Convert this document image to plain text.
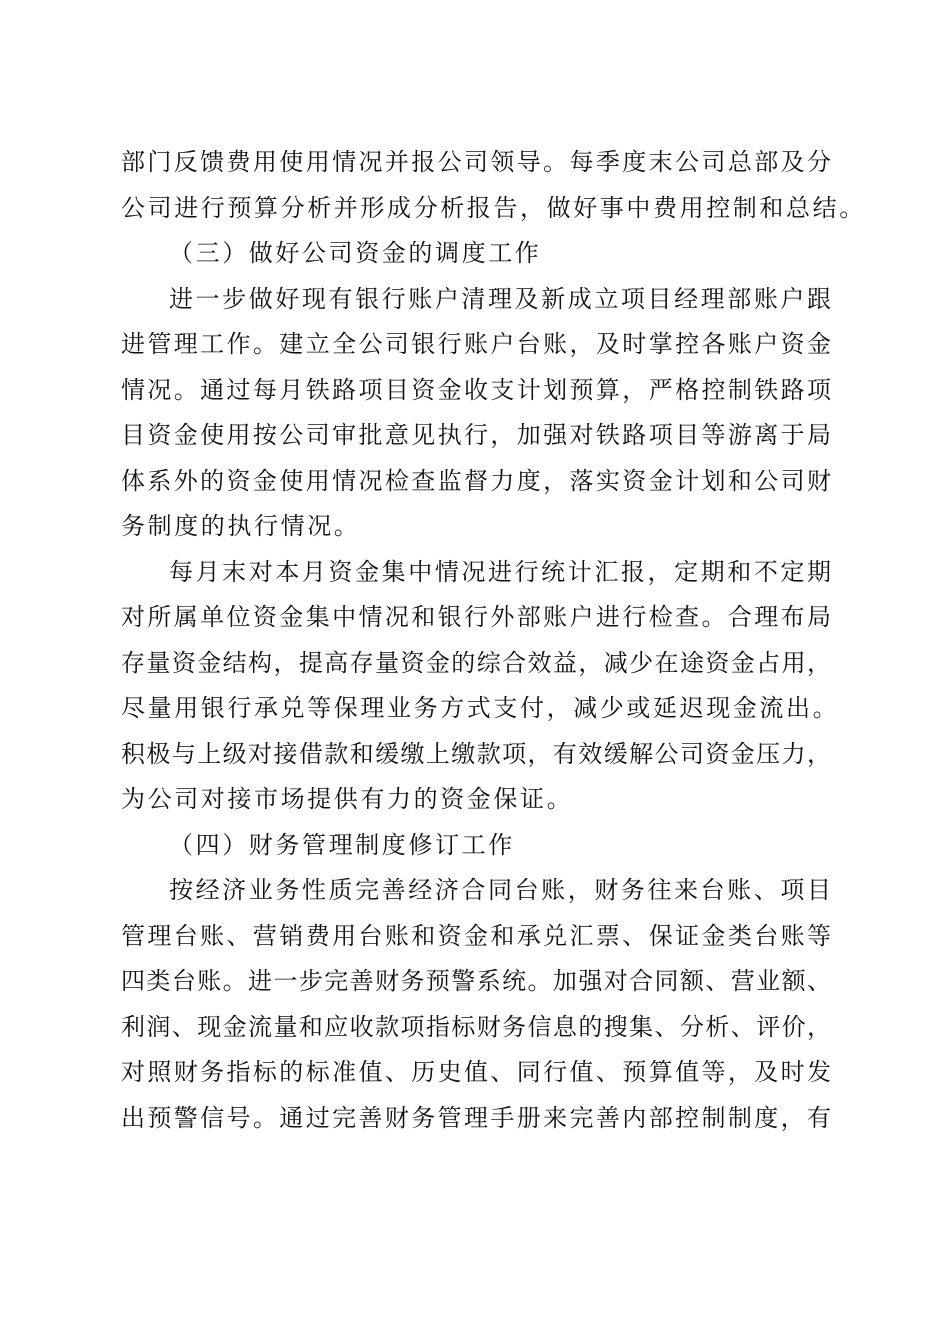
部门反馈费用使用情况并报公司领导。每季度末公司总部及分
公司进行预算分析并形成分析报告，做好事中费用控制和总结。
（三）做好公司资金的调度工作
进一步做好现有银行账户清理及新成立项目经理部账户跟
进管理工作。建立全公司银行账户台账，及时掌控各账户资金
情况。通过每月铁路项目资金收支计划预算，严格控制铁路项
目资金使用按公司审批意见执行，加强对铁路项目等游离于局
体系外的资金使用情况检查监督力度，落实资金计划和公司财
务制度的执行情况。
每月末对本月资金集中情况进行统计汇报，定期和不定期
对所属单位资金集中情况和银行外部账户进行检查。合理布局
存量资金结构，提高存量资金的综合效益，减少在途资金占用，
尽量用银行承兑等保理业务方式支付，减少或延迟现金流出。
积极与上级对接借款和缓缴上缴款项，有效缓解公司资金压力，
为公司对接市场提供有力的资金保证。
（四）财务管理制度修订工作
按经济业务性质完善经济合同台账，财务往来台账、项目
管理台账、营销费用台账和资金和承兑汇票、保证金类台账等
四类台账。进一步完善财务预警系统。加强对合同额、营业额、
利润、现金流量和应收款项指标财务信息的搜集、分析、评价，
对照财务指标的标准值、历史值、同行值、预算值等，及时发
出预警信号。通过完善财务管理手册来完善内部控制制度，有
